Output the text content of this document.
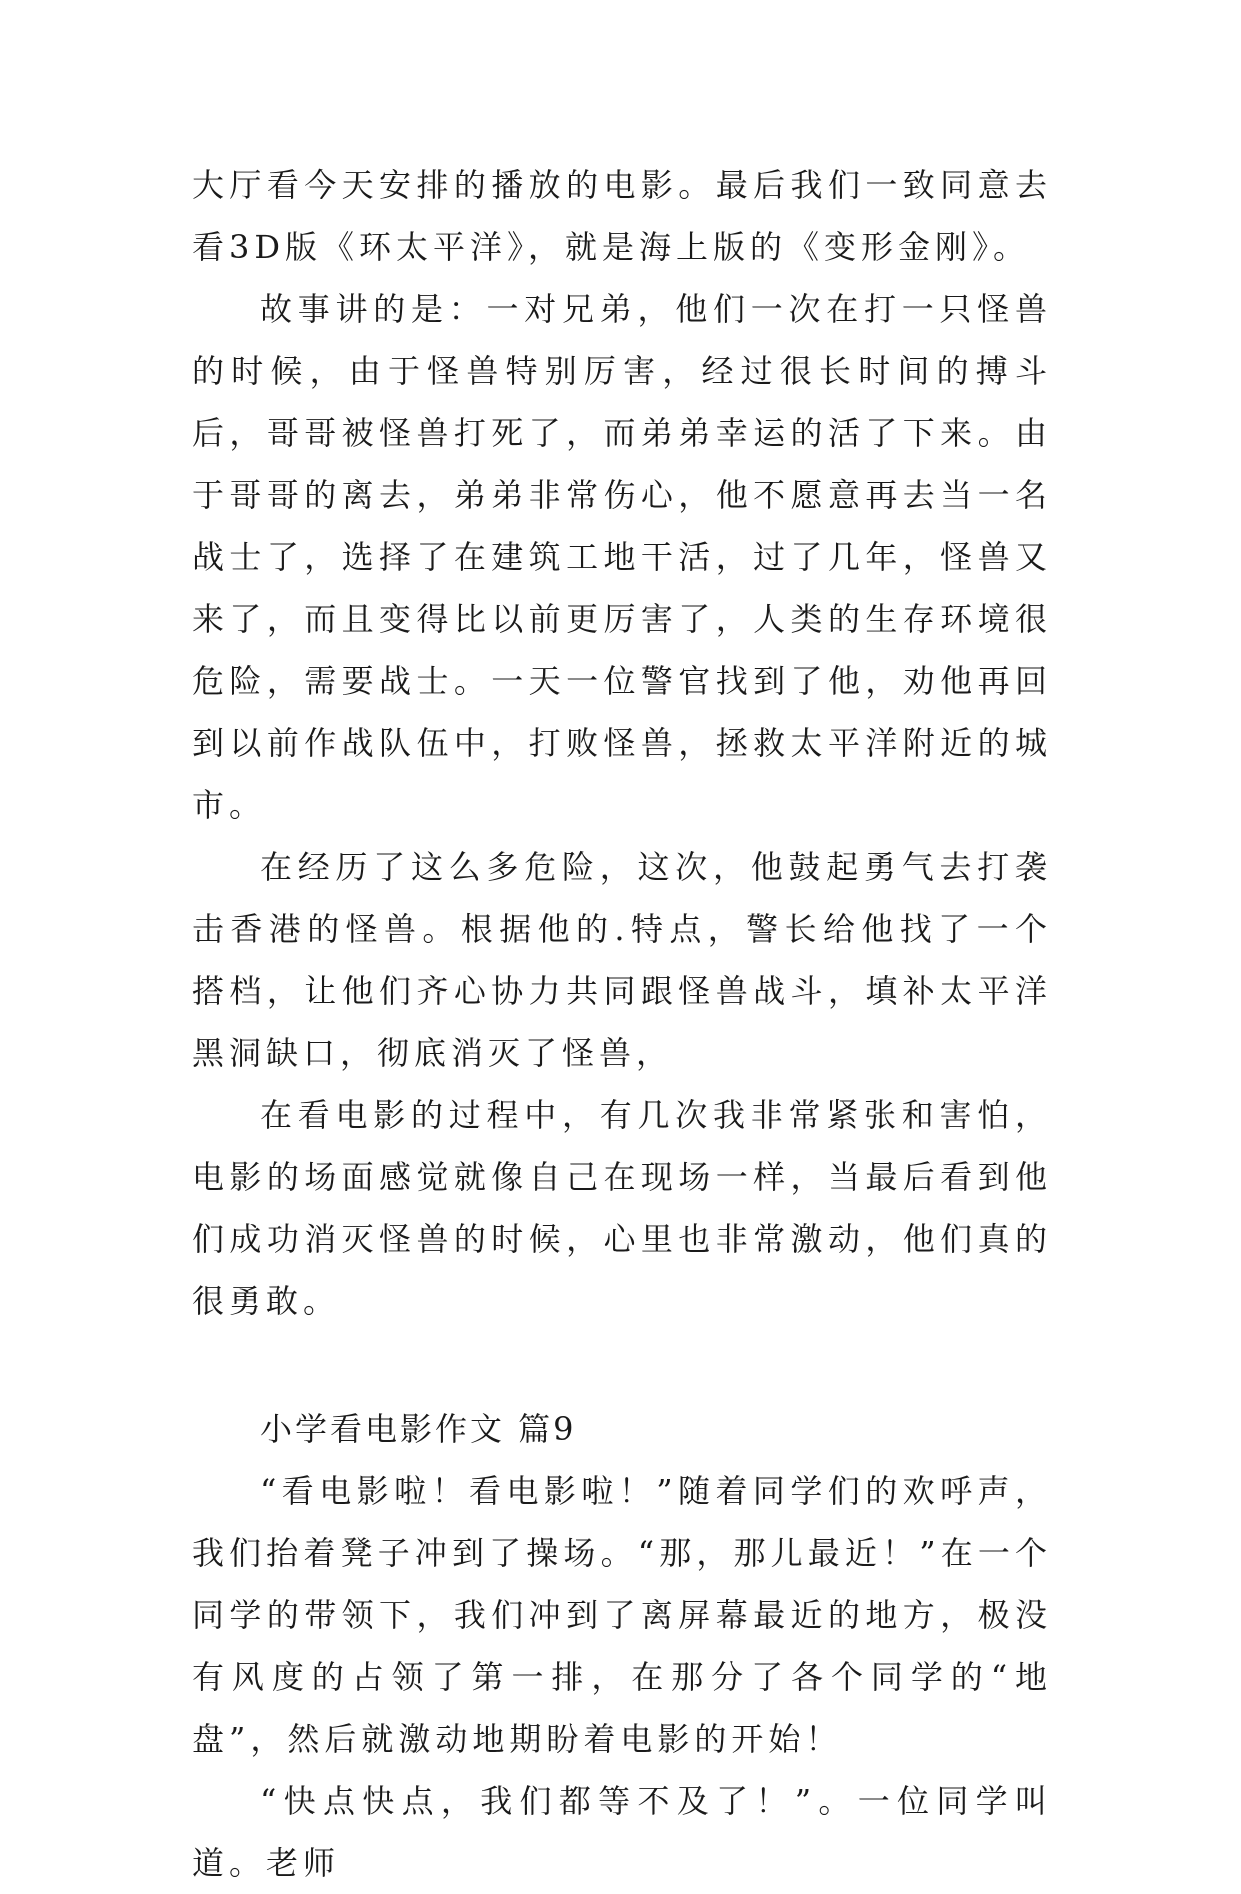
大厅看今天安排的播放的电影。最后我们一致同意去看3D版《环太平洋》，就是海上版的《变形金刚》。

故事讲的是：一对兄弟，他们一次在打一只怪兽的时候，由于怪兽特别厉害，经过很长时间的搏斗后，哥哥被怪兽打死了，而弟弟幸运的活了下来。由于哥哥的离去，弟弟非常伤心，他不愿意再去当一名战士了，选择了在建筑工地干活，过了几年，怪兽又来了，而且变得比以前更厉害了，人类的生存环境很危险，需要战士。一天一位警官找到了他，劝他再回到以前作战队伍中，打败怪兽，拯救太平洋附近的城市。

在经历了这么多危险，这次，他鼓起勇气去打袭击香港的怪兽。根据他的.特点，警长给他找了一个搭档，让他们齐心协力共同跟怪兽战斗，填补太平洋黑洞缺口，彻底消灭了怪兽，

在看电影的过程中，有几次我非常紧张和害怕，电影的场面感觉就像自己在现场一样，当最后看到他们成功消灭怪兽的时候，心里也非常激动，他们真的很勇敢。

小学看电影作文 篇9

“看电影啦！看电影啦！”随着同学们的欢呼声，我们抬着凳子冲到了操场。“那，那儿最近！”在一个同学的带领下，我们冲到了离屏幕最近的地方，极没有风度的占领了第一排，在那分了各个同学的“地盘”，然后就激动地期盼着电影的开始！

“快点快点，我们都等不及了！”。一位同学叫道。老师
